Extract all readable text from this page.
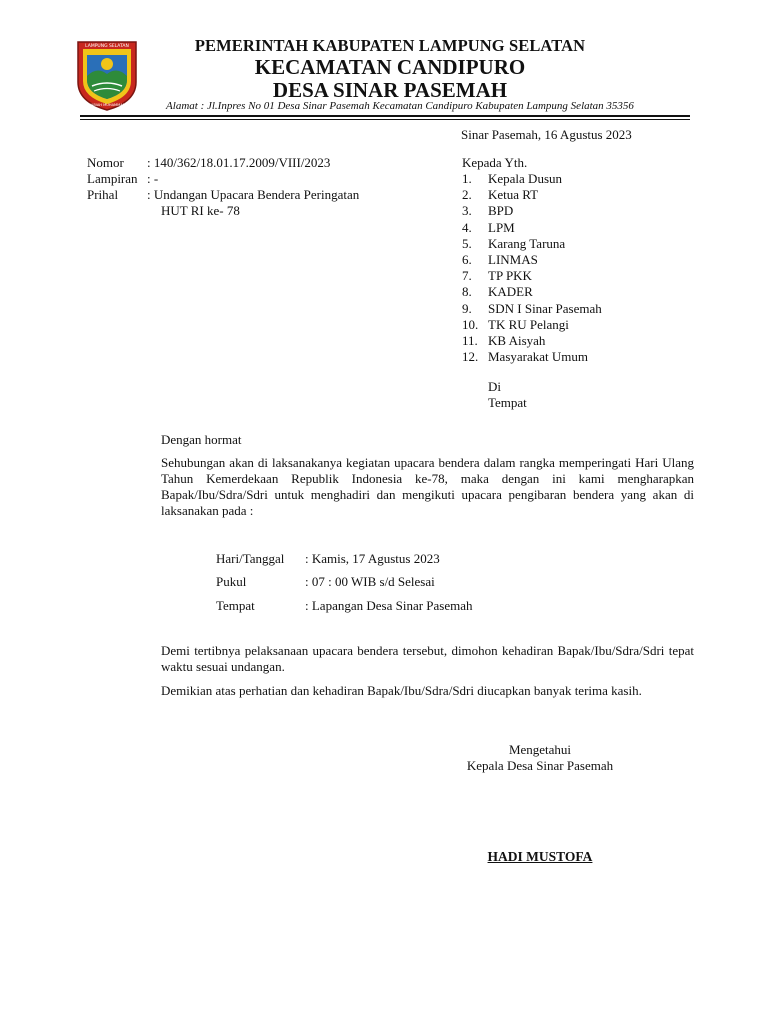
LAMPUNG SELATAN
SABIAH MUHAMMAD
PEMERINTAH KABUPATEN LAMPUNG SELATAN
KECAMATAN CANDIPURO
DESA SINAR PASEMAH
Alamat : Jl.Inpres No 01 Desa Sinar Pasemah Kecamatan Candipuro Kabupaten Lampung Selatan 35356
Sinar Pasemah, 16 Agustus 2023
Nomor : 140/362/18.01.17.2009/VIII/2023
Lampiran : -
Prihal : Undangan Upacara Bendera Peringatan
HUT RI ke- 78
Kepada Yth.
1.	Kepala Dusun
2.	Ketua RT
3.	BPD
4.	LPM
5.	Karang Taruna
6.	LINMAS
7.	TP PKK
8.	KADER
9.	SDN I Sinar Pasemah
10. TK RU Pelangi
11. KB Aisyah
12. Masyarakat Umum
Di
Tempat
Dengan hormat
Sehubungan akan di laksanakanya kegiatan upacara bendera dalam rangka memperingati Hari Ulang Tahun Kemerdekaan Republik Indonesia ke-78, maka dengan ini kami mengharapkan Bapak/Ibu/Sdra/Sdri untuk menghadiri dan mengikuti upacara pengibaran bendera yang akan di laksanakan pada :
Hari/Tanggal : Kamis, 17 Agustus 2023
Pukul	: 07 : 00 WIB s/d Selesai
Tempat	: Lapangan Desa Sinar Pasemah
Demi tertibnya pelaksanaan upacara bendera tersebut, dimohon kehadiran Bapak/Ibu/Sdra/Sdri tepat waktu sesuai undangan.
Demikian atas perhatian dan kehadiran Bapak/Ibu/Sdra/Sdri diucapkan banyak terima kasih.
Mengetahui
Kepala Desa Sinar Pasemah
HADI MUSTOFA
